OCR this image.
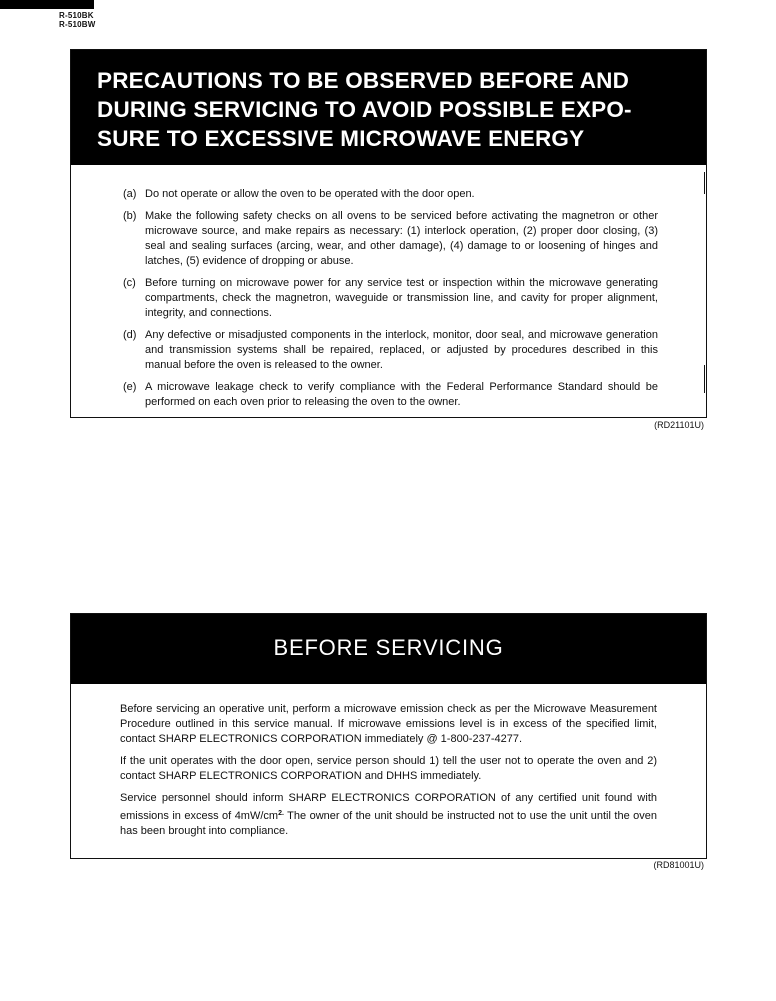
R-510BK
R-510BW
PRECAUTIONS TO BE OBSERVED BEFORE AND DURING SERVICING TO AVOID POSSIBLE EXPO-SURE TO EXCESSIVE MICROWAVE ENERGY
(a) Do not operate or allow the oven to be operated with the door open.
(b) Make the following safety checks on all ovens to be serviced before activating the magnetron or other microwave source, and make repairs as necessary: (1) interlock operation, (2) proper door closing, (3) seal and sealing surfaces (arcing, wear, and other damage), (4) damage to or loosening of hinges and latches, (5) evidence of dropping or abuse.
(c) Before turning on microwave power for any service test or inspection within the microwave generating compartments, check the magnetron, waveguide or transmission line, and cavity for proper alignment, integrity, and connections.
(d) Any defective or misadjusted components in the interlock, monitor, door seal, and microwave generation and transmission systems shall be repaired, replaced, or adjusted by procedures described in this manual before the oven is released to the owner.
(e) A microwave leakage check to verify compliance with the Federal Performance Standard should be performed on each oven prior to releasing the oven to the owner.
(RD21101U)
BEFORE SERVICING

Before servicing an operative unit, perform a microwave emission check as per the Microwave Measurement Procedure outlined in this service manual. If microwave emissions level is in excess of the specified limit, contact SHARP ELECTRONICS CORPORATION immediately @ 1-800-237-4277.

If the unit operates with the door open, service person should 1) tell the user not to operate the oven and 2) contact SHARP ELECTRONICS CORPORATION and DHHS immediately.

Service personnel should inform SHARP ELECTRONICS CORPORATION of any certified unit found with emissions in excess of $4mW/cm^{2.}$ The owner of the unit should be instructed not to use the unit until the oven has been brought into compliance.

(RD81001U)
